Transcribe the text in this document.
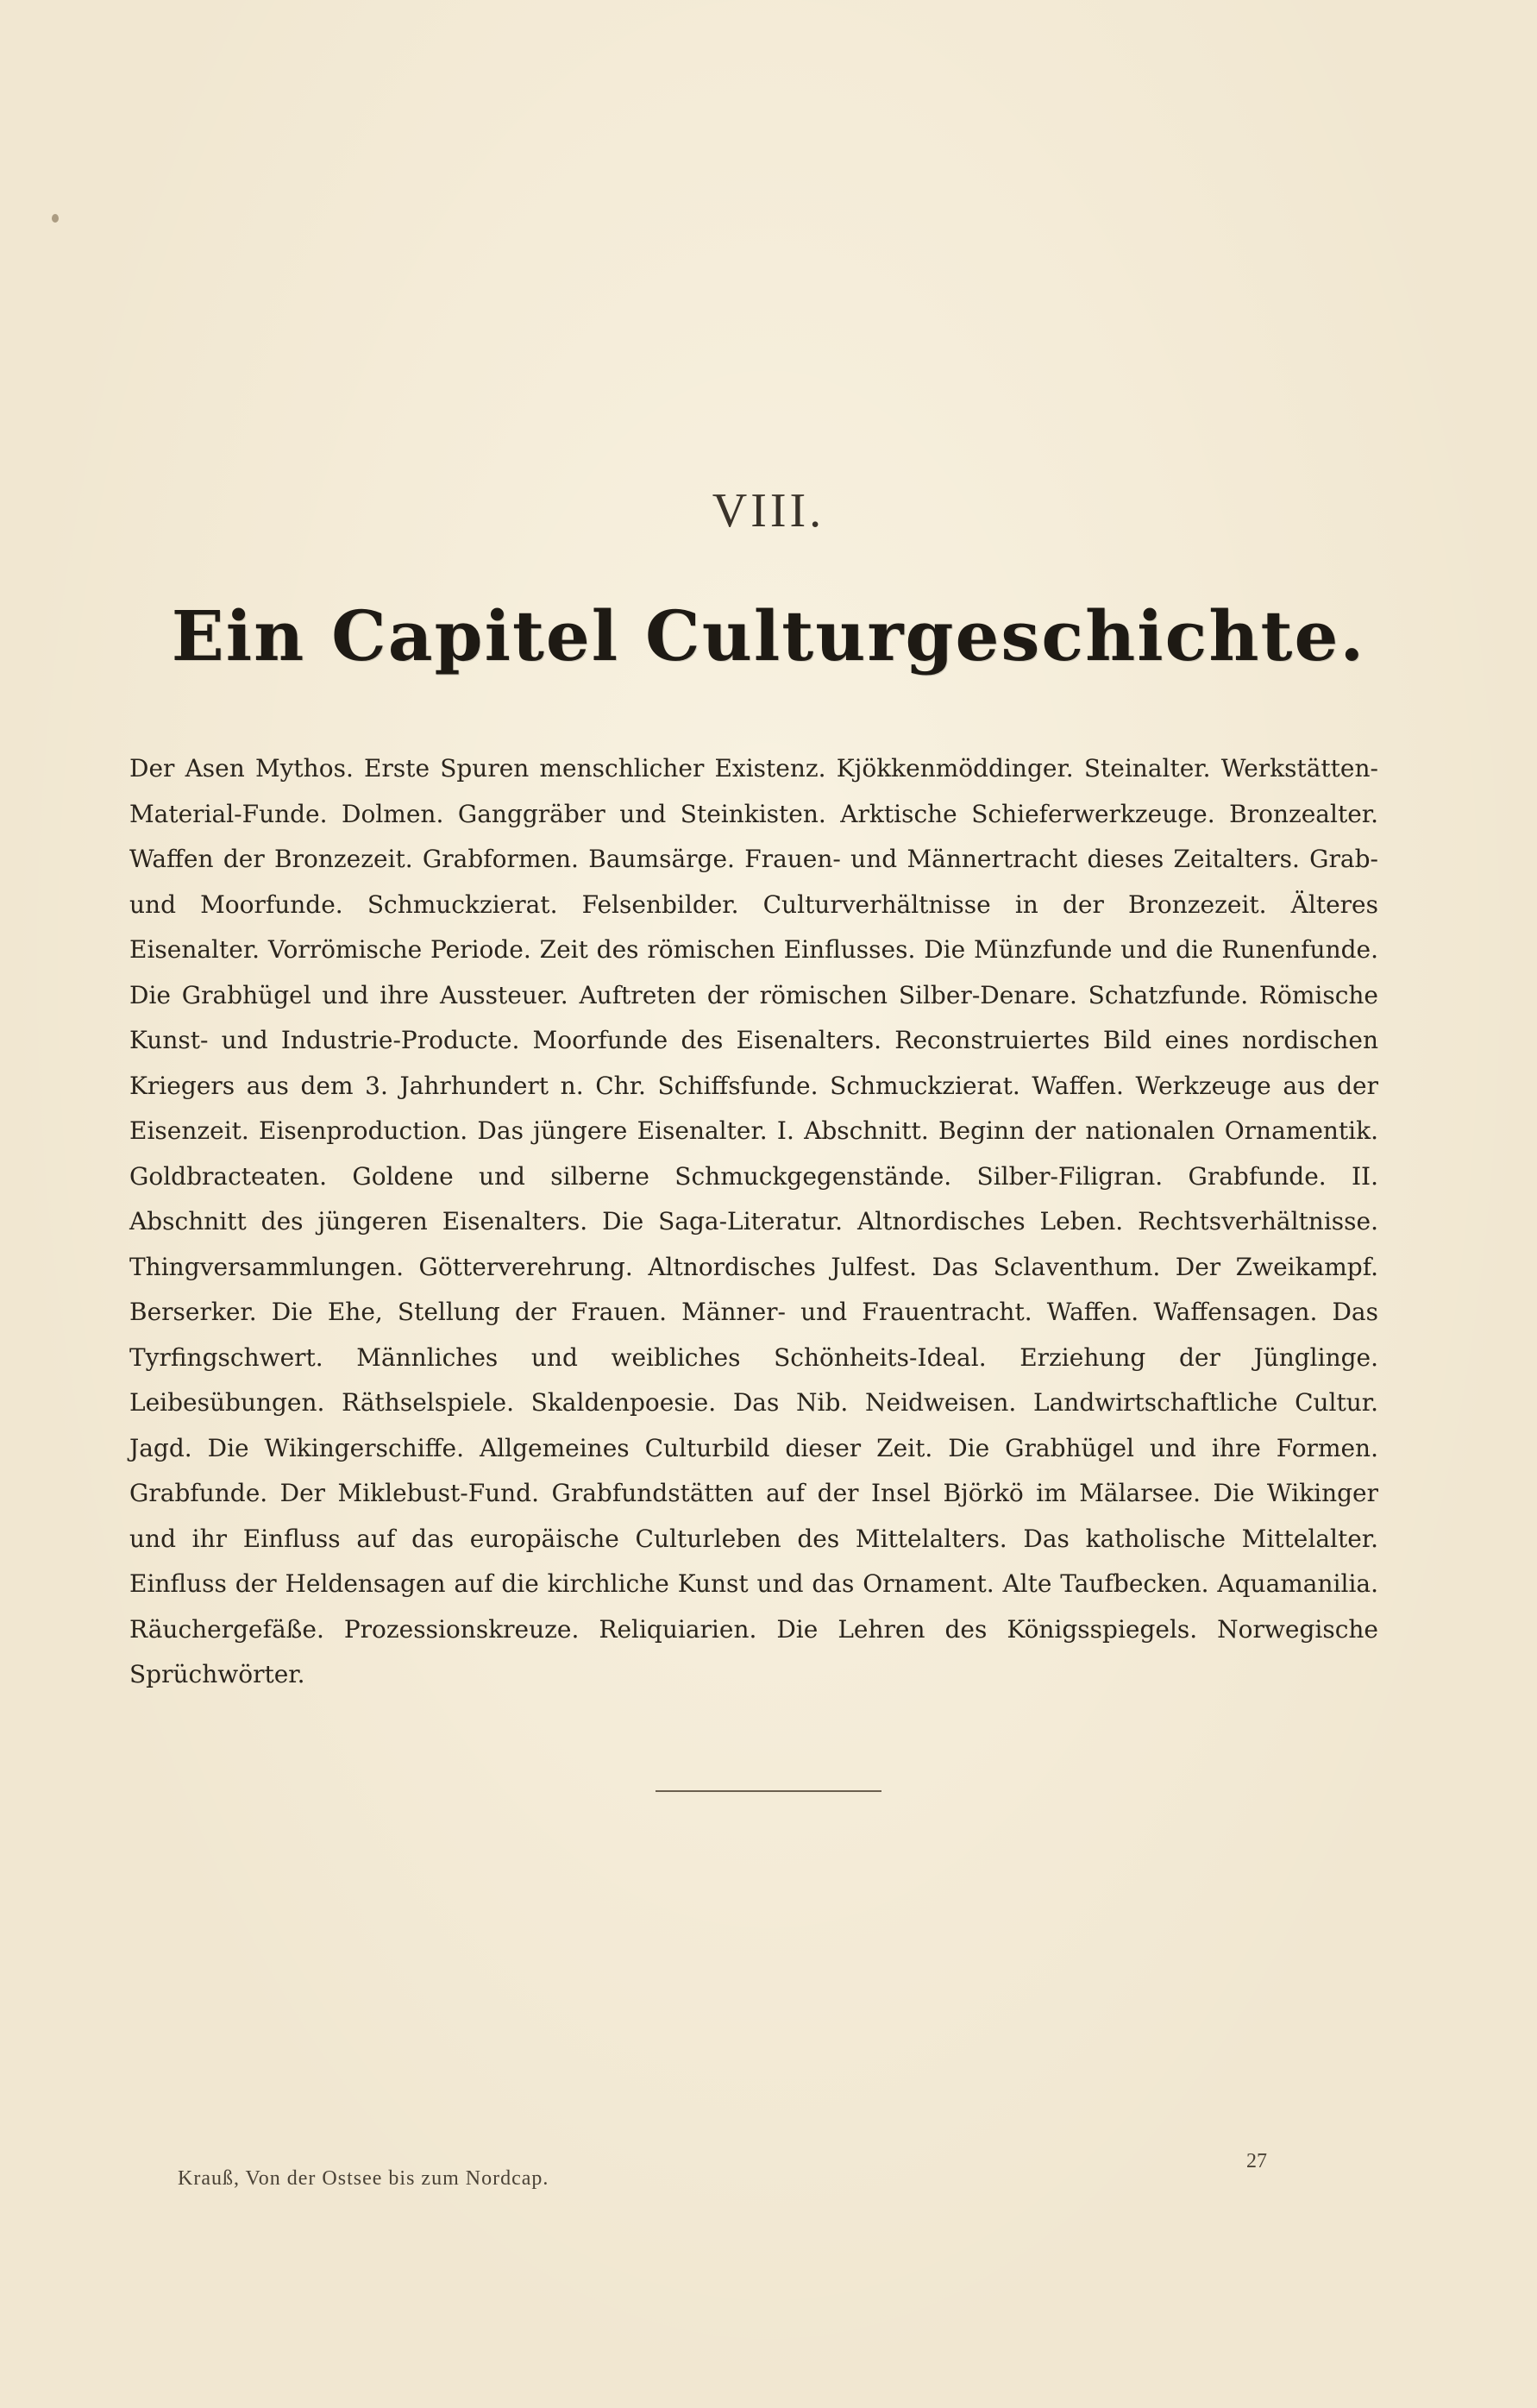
VIII.
Ein Capitel Culturgeschichte.
Der Asen Mythos. Erste Spuren menschlicher Existenz. Kjökkenmöddinger. Steinalter. Werkstätten-Material-Funde. Dolmen. Ganggräber und Steinkisten. Arktische Schieferwerkzeuge. Bronzealter. Waffen der Bronzezeit. Grabformen. Baumsärge. Frauen- und Männertracht dieses Zeitalters. Grab- und Moorfunde. Schmuckzierat. Felsenbilder. Culturverhältnisse in der Bronzezeit. Älteres Eisenalter. Vorrömische Periode. Zeit des römischen Einflusses. Die Münzfunde und die Runenfunde. Die Grabhügel und ihre Aussteuer. Auftreten der römischen Silber-Denare. Schatzfunde. Römische Kunst- und Industrie-Producte. Moorfunde des Eisenalters. Reconstruiertes Bild eines nordischen Kriegers aus dem 3. Jahrhundert n. Chr. Schiffsfunde. Schmuckzierat. Waffen. Werkzeuge aus der Eisenzeit. Eisenproduction. Das jüngere Eisenalter. I. Abschnitt. Beginn der nationalen Ornamentik. Goldbracteaten. Goldene und silberne Schmuckgegenstände. Silber-Filigran. Grabfunde. II. Abschnitt des jüngeren Eisenalters. Die Saga-Literatur. Altnordisches Leben. Rechtsverhältnisse. Thingversammlungen. Götterverehrung. Altnordisches Julfest. Das Sclaventhum. Der Zweikampf. Berserker. Die Ehe, Stellung der Frauen. Männer- und Frauentracht. Waffen. Waffensagen. Das Tyrfingschwert. Männliches und weibliches Schönheits-Ideal. Erziehung der Jünglinge. Leibesübungen. Räthselspiele. Skaldenpoesie. Das Nib. Neidweisen. Landwirtschaftliche Cultur. Jagd. Die Wikingerschiffe. Allgemeines Culturbild dieser Zeit. Die Grabhügel und ihre Formen. Grabfunde. Der Miklebust-Fund. Grabfundstätten auf der Insel Björkö im Mälarsee. Die Wikinger und ihr Einfluss auf das europäische Culturleben des Mittelalters. Das katholische Mittelalter. Einfluss der Heldensagen auf die kirchliche Kunst und das Ornament. Alte Taufbecken. Aquamanilia. Räuchergefäße. Prozessionskreuze. Reliquiarien. Die Lehren des Königsspiegels. Norwegische Sprüchwörter.
Krauß, Von der Ostsee bis zum Nordcap.
27
